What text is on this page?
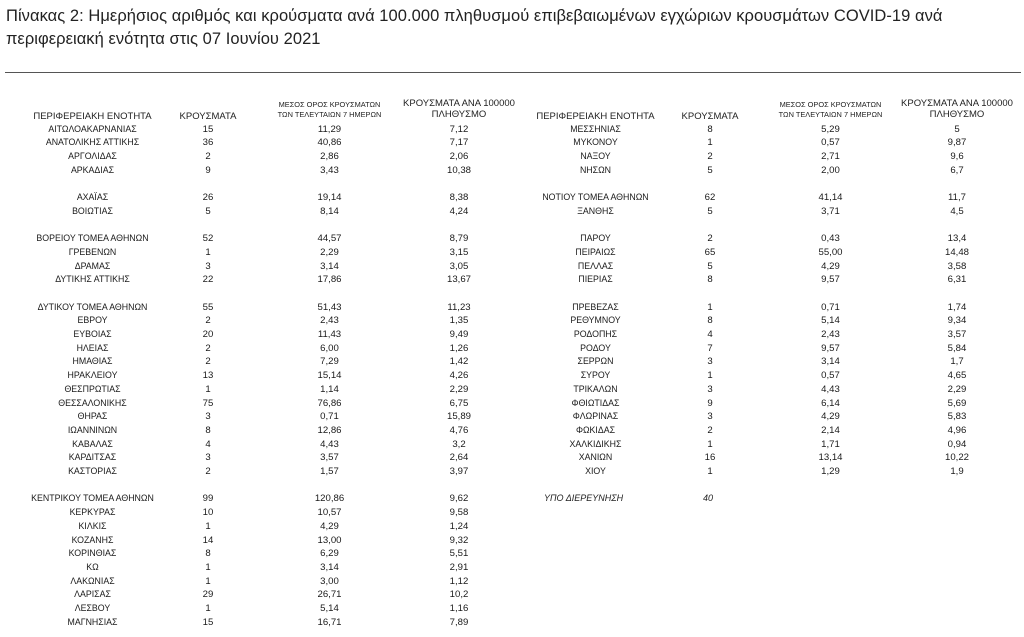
Πίνακας 2: Ημερήσιος αριθμός και κρούσματα ανά 100.000 πληθυσμού επιβεβαιωμένων εγχώριων κρουσμάτων COVID-19 ανά περιφερειακή ενότητα στις 07 Ιουνίου 2021
ΠΕΡΙΦΕΡΕΙΑΚΗ ΕΝΟΤΗΤΑ	ΚΡΟΥΣΜΑΤΑ
ΜΕΣΟΣ ΟΡΟΣ ΚΡΟΥΣΜΑΤΩΝ
ΤΩΝ ΤΕΛΕΥΤΑΙΩΝ 7 ΗΜΕΡΩΝ
ΚΡΟΥΣΜΑΤΑ ΑΝΑ 100000
ΠΛΗΘΥΣΜΟ	ΠΕΡΙΦΕΡΕΙΑΚΗ ΕΝΟΤΗΤΑ	ΚΡΟΥΣΜΑΤΑ
ΜΕΣΟΣ ΟΡΟΣ ΚΡΟΥΣΜΑΤΩΝ
ΤΩΝ ΤΕΛΕΥΤΑΙΩΝ 7 ΗΜΕΡΩΝ
ΚΡΟΥΣΜΑΤΑ ΑΝΑ 100000
ΠΛΗΘΥΣΜΟ
ΑΙΤΩΛΟΑΚΑΡΝΑΝΙΑΣ	15	11,29	7,12
ΑΝΑΤΟΛΙΚΗΣ ΑΤΤΙΚΗΣ	36	40,86	7,17
ΑΡΓΟΛΙΔΑΣ	2	2,86	2,06
ΑΡΚΑΔΙΑΣ	9	3,43	10,38
ΑΧΑΪΑΣ	26	19,14	8,38
ΒΟΙΩΤΙΑΣ	5	8,14	4,24
ΒΟΡΕΙΟΥ ΤΟΜΕΑ ΑΘΗΝΩΝ	52	44,57	8,79
ΓΡΕΒΕΝΩΝ	1	2,29	3,15
ΔΡΑΜΑΣ	3	3,14	3,05
ΔΥΤΙΚΗΣ ΑΤΤΙΚΗΣ	22	17,86	13,67
ΔΥΤΙΚΟΥ ΤΟΜΕΑ ΑΘΗΝΩΝ	55	51,43	11,23
ΕΒΡΟΥ	2	2,43	1,35
ΕΥΒΟΙΑΣ	20	11,43	9,49
ΗΛΕΙΑΣ	2	6,00	1,26
ΗΜΑΘΙΑΣ	2	7,29	1,42
ΗΡΑΚΛΕΙΟΥ	13	15,14	4,26
ΘΕΣΠΡΩΤΙΑΣ	1	1,14	2,29
ΘΕΣΣΑΛΟΝΙΚΗΣ	75	76,86	6,75
ΘΗΡΑΣ	3	0,71	15,89
ΙΩΑΝΝΙΝΩΝ	8	12,86	4,76
ΚΑΒΑΛΑΣ	4	4,43	3,2
ΚΑΡΔΙΤΣΑΣ	3	3,57	2,64
ΚΑΣΤΟΡΙΑΣ	2	1,57	3,97
ΚΕΝΤΡΙΚΟΥ ΤΟΜΕΑ ΑΘΗΝΩΝ	99	120,86	9,62
ΚΕΡΚΥΡΑΣ	10	10,57	9,58
ΚΙΛΚΙΣ	1	4,29	1,24
ΚΟΖΑΝΗΣ	14	13,00	9,32
ΚΟΡΙΝΘΙΑΣ	8	6,29	5,51
ΚΩ	1	3,14	2,91
ΛΑΚΩΝΙΑΣ	1	3,00	1,12
ΛΑΡΙΣΑΣ	29	26,71	10,2
ΛΕΣΒΟΥ	1	5,14	1,16
ΜΑΓΝΗΣΙΑΣ	15	16,71	7,89
ΜΕΣΣΗΝΙΑΣ	8	5,29	5
ΜΥΚΟΝΟΥ	1	0,57	9,87
ΝΑΞΟΥ	2	2,71	9,6
ΝΗΣΩΝ	5	2,00	6,7
ΝΟΤΙΟΥ ΤΟΜΕΑ ΑΘΗΝΩΝ	62	41,14	11,7
ΞΑΝΘΗΣ	5	3,71	4,5
ΠΑΡΟΥ	2	0,43	13,4
ΠΕΙΡΑΙΩΣ	65	55,00	14,48
ΠΕΛΛΑΣ	5	4,29	3,58
ΠΙΕΡΙΑΣ	8	9,57	6,31
ΠΡΕΒΕΖΑΣ	1	0,71	1,74
ΡΕΘΥΜΝΟΥ	8	5,14	9,34
ΡΟΔΟΠΗΣ	4	2,43	3,57
ΡΟΔΟΥ	7	9,57	5,84
ΣΕΡΡΩΝ	3	3,14	1,7
ΣΥΡΟΥ	1	0,57	4,65
ΤΡΙΚΑΛΩΝ	3	4,43	2,29
ΦΘΙΩΤΙΔΑΣ	9	6,14	5,69
ΦΛΩΡΙΝΑΣ	3	4,29	5,83
ΦΩΚΙΔΑΣ	2	2,14	4,96
ΧΑΛΚΙΔΙΚΗΣ	1	1,71	0,94
ΧΑΝΙΩΝ	16	13,14	10,22
ΧΙΟΥ	1	1,29	1,9
ΥΠΟ ΔΙΕΡΕΥΝΗΣΗ	40
